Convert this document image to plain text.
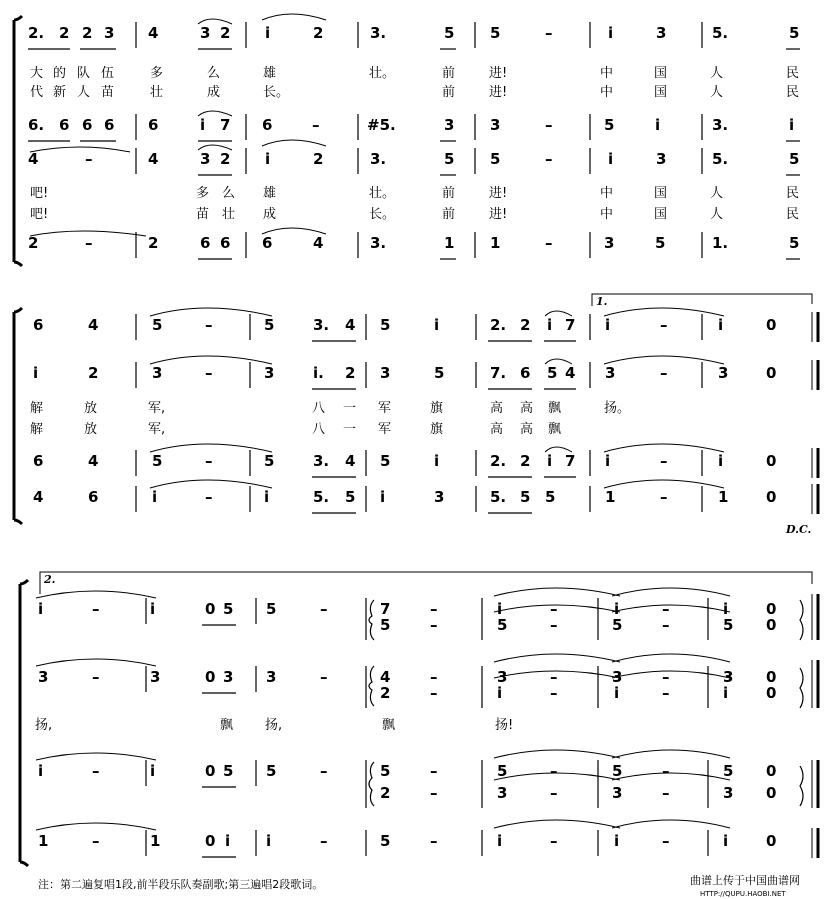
2. 2 2 3 4	3 2 i	2	3.	5 5	–	i	3	5.	5
大 的 队 伍	多	么	雄	壮。	前	进!	中	国	人	民
代 新 人 苗	壮	成	长。	前	进!	中	国	人	民
6. 6 6 6 6	i 7 6	–	#5.	3 3	–	5	i	3.	i
4	–	4	3 2 i	2	3.	5 5	–	i	3	5.	5
吧!	多 么 雄	壮。	前	进!	中	国	人	民
吧!	苗 壮 成	长。	前	进!	中	国	人	民
2	–	2	6 6 6	4	3.	1 1	–	3	5	1.	5
6	4	5	–	5	3. 4 5	i	2. 2 i 7 i	–	i	0
i	2	3	–	3	i. 2 3	5	7. 6 5 4 3	–	3	0
解	放	军,	八 一 军	旗	高 高 飘	扬。
解	放	军,	八 一 军	旗	高 高 飘
6	4	5	–	5	3. 4 5	i	2. 2 i 7 i	–	i	0
4	6	i	–	i	5. 5 i	3	5. 5 5	1	–	1	0
i	–	i	0 5 5	–	7	–	i	–	i	–	i	0
5	–	5	–	5	–	5 0
3	–	3	0 3 3	–	4	–	3	–	3	–	3 0
2	–	i	–	i	–	i	0
扬,	飘 扬,	飘	扬!
i	–	i	0 5 5	–	5	–	5	–	5	–	5 0
2	–	3	–	3	–	3 0
1	–	1	0 i i	–	5	–	i	–	i	–	i	0
1.
2.
D.C.
注：第二遍复唱1段,前半段乐队奏副歌;第三遍唱2段歌词。	曲谱上传于中国曲谱网
HTTP://QUPU.HAOBI.NET
